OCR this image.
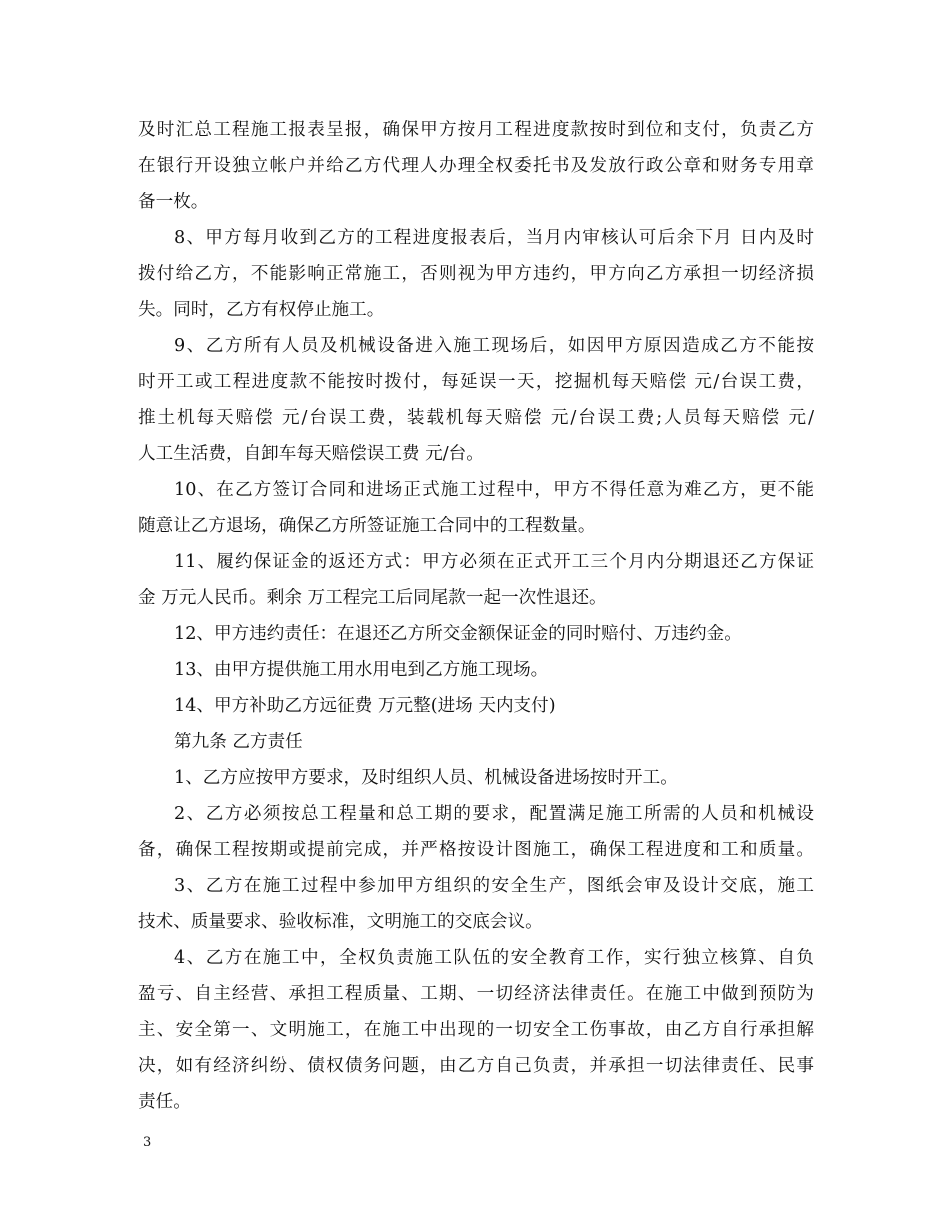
及时汇总工程施工报表呈报，确保甲方按月工程进度款按时到位和支付，负责乙方
在银行开设独立帐户并给乙方代理人办理全权委托书及发放行政公章和财务专用章
备一枚。
8、甲方每月收到乙方的工程进度报表后，当月内审核认可后余下月 日内及时
拨付给乙方，不能影响正常施工，否则视为甲方违约，甲方向乙方承担一切经济损
失。同时，乙方有权停止施工。
9、乙方所有人员及机械设备进入施工现场后，如因甲方原因造成乙方不能按
时开工或工程进度款不能按时拨付，每延误一天，挖掘机每天赔偿 元/台误工费，
推土机每天赔偿 元/台误工费，装载机每天赔偿 元/台误工费;人员每天赔偿 元/
人工生活费，自卸车每天赔偿误工费 元/台。
10、在乙方签订合同和进场正式施工过程中，甲方不得任意为难乙方，更不能
随意让乙方退场，确保乙方所签证施工合同中的工程数量。
11、履约保证金的返还方式：甲方必须在正式开工三个月内分期退还乙方保证
金 万元人民币。剩余 万工程完工后同尾款一起一次性退还。
12、甲方违约责任：在退还乙方所交金额保证金的同时赔付、万违约金。
13、由甲方提供施工用水用电到乙方施工现场。
14、甲方补助乙方远征费 万元整(进场 天内支付)
第九条 乙方责任
1、乙方应按甲方要求，及时组织人员、机械设备进场按时开工。
2、乙方必须按总工程量和总工期的要求，配置满足施工所需的人员和机械设
备，确保工程按期或提前完成，并严格按设计图施工，确保工程进度和工和质量。
3、乙方在施工过程中参加甲方组织的安全生产，图纸会审及设计交底，施工
技术、质量要求、验收标准，文明施工的交底会议。
4、乙方在施工中，全权负责施工队伍的安全教育工作，实行独立核算、自负
盈亏、自主经营、承担工程质量、工期、一切经济法律责任。在施工中做到预防为
主、安全第一、文明施工，在施工中出现的一切安全工伤事故，由乙方自行承担解
决，如有经济纠纷、债权债务问题，由乙方自己负责，并承担一切法律责任、民事
责任。
3
